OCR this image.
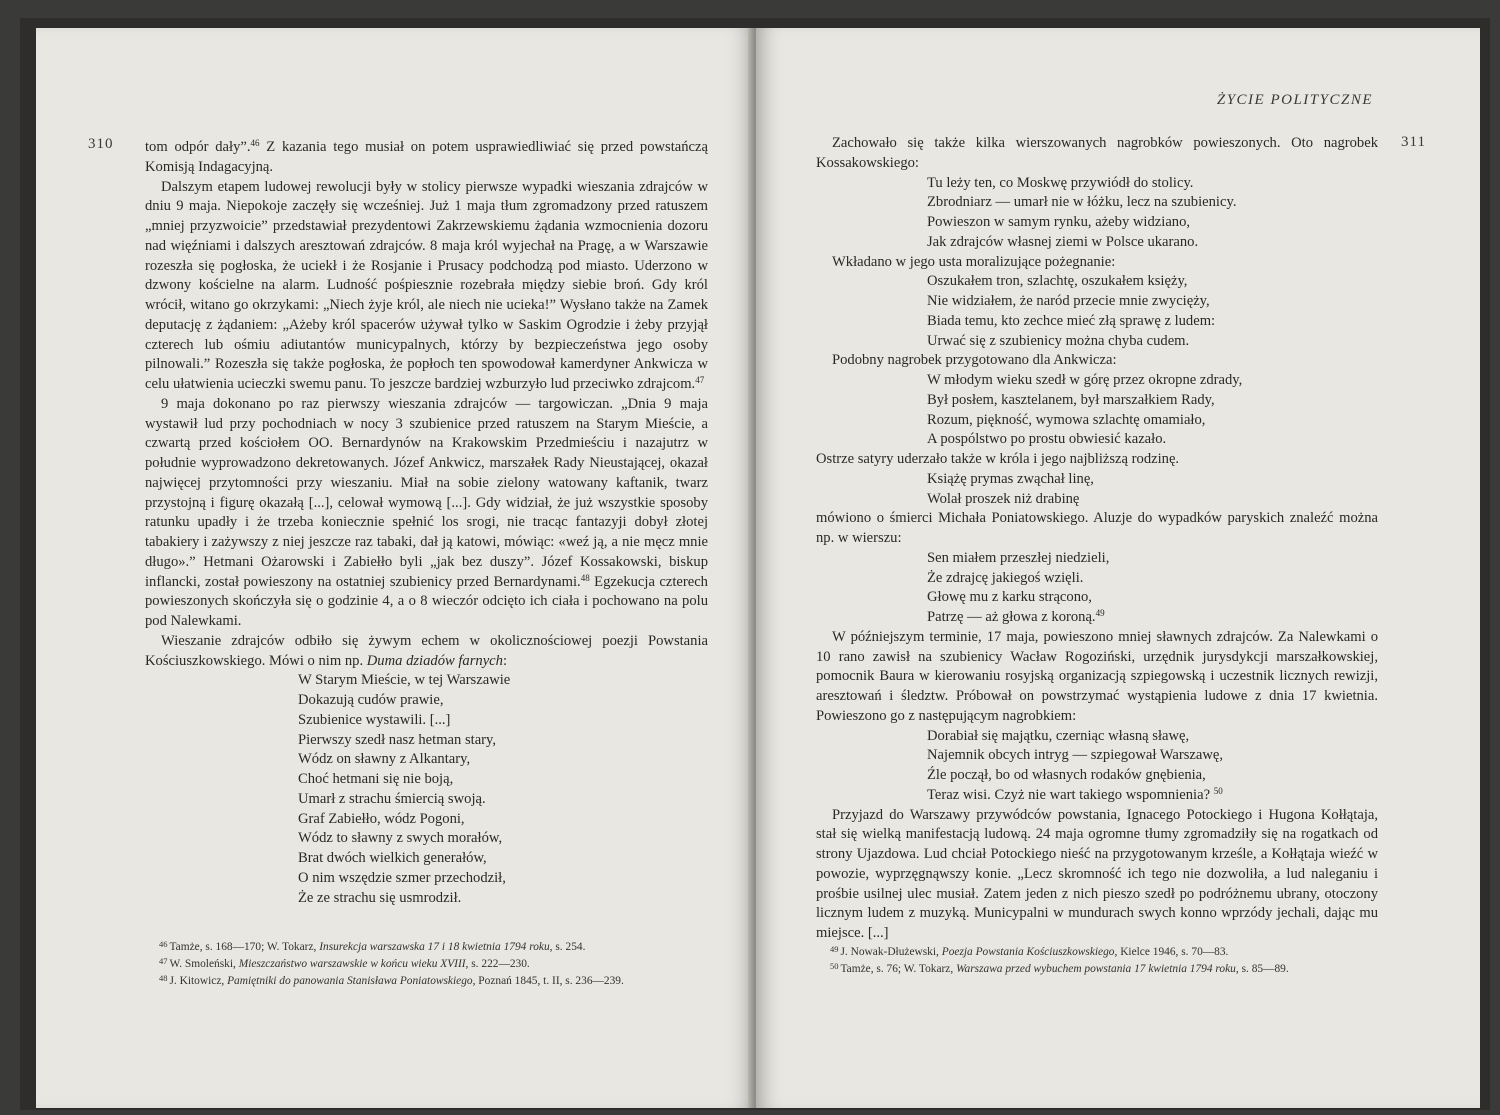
310 tom odpór dały”.$^{46}$ Z kazania tego musiał on potem usprawiedliwiać się przed powstańczą Komisją Indagacyjną.

Dalszym etapem ludowej rewolucji były w stolicy pierwsze wypadki wieszania zdrajców w dniu 9 maja. Niepokoje zaczęły się wcześniej. Już 1 maja tłum zgromadzony przed ratuszem „mniej przyzwoicie” przedstawiał prezydentowi Zakrzewskiemu żądania wzmocnienia dozoru nad więźniami i dalszych aresztowań zdrajców. 8 maja król wyjechał na Pragę, a w Warszawie rozeszła się pogłoska, że uciekł i że Rosjanie i Prusacy podchodzą pod miasto. Uderzono w dzwony kościelne na alarm. Ludność pośpiesznie rozebrała między siebie broń. Gdy król wrócił, witano go okrzykami: „Niech żyje król, ale niech nie ucieka!” Wysłano także na Zamek deputację z żądaniem: „Ażeby król spacerów używał tylko w Saskim Ogrodzie i żeby przyjął czterech lub ośmiu adiutantów municypalnych, którzy by bezpieczeństwa jego osoby pilnowali.” Rozeszła się także pogłoska, że popłoch ten spowodował kamerdyner Ankwicza w celu ułatwienia ucieczki swemu panu. To jeszcze bardziej wzburzyło lud przeciwko zdrajcom.$^{47}$

9 maja dokonano po raz pierwszy wieszania zdrajców — targowiczan. „Dnia 9 maja wystawił lud przy pochodniach w nocy 3 szubienice przed ratuszem na Starym Mieście, a czwartą przed kościołem OO. Bernardynów na Krakowskim Przedmieściu i nazajutrz w południe wyprowadzono dekretowanych. Józef Ankwicz, marszałek Rady Nieustającej, okazał najwięcej przytomności przy wieszaniu. Miał na sobie zielony watowany kaftanik, twarz przystojną i figurę okazałą [...], celował wymową [...]. Gdy widział, że już wszystkie sposoby ratunku upadły i że trzeba koniecznie spełnić los srogi, nie tracąc fantazyji dobył złotej tabakiery i zażywszy z niej jeszcze raz tabaki, dał ją katowi, mówiąc: «weź ją, a nie męcz mnie długo».” Hetmani Ożarowski i Zabiełło byli „jak bez duszy”. Józef Kossakowski, biskup inflancki, został powieszony na ostatniej szubienicy przed Bernardynami.$^{48}$ Egzekucja czterech powieszonych skończyła się o godzinie 4, a o 8 wieczór odcięto ich ciała i pochowano na polu pod Nalewkami.

Wieszanie zdrajców odbiło się żywym echem w okolicznościowej poezji Powstania Kościuszkowskiego. Mówi o nim np. Duma dziadów farnych:

W Starym Mieście, w tej Warszawie
Dokazują cudów prawie,
Szubienice wystawili. [...]
Pierwszy szedł nasz hetman stary,
Wódz on sławny z Alkantary,
Choć hetmani się nie boją,
Umarł z strachu śmiercią swoją.
Graf Zabiełło, wódz Pogoni,
Wódz to sławny z swych morałów,
Brat dwóch wielkich generałów,
O nim wszędzie szmer przechodził,
Że ze strachu się usmrodził.
$^{46}$ Tamże, s. 168—170; W. Tokarz, Insurekcja warszawska 17 i 18 kwietnia 1794 roku, s. 254.
$^{47}$ W. Smoleński, Mieszczaństwo warszawskie w końcu wieku XVIII, s. 222—230.
$^{48}$ J. Kitowicz, Pamiętniki do panowania Stanisława Poniatowskiego, Poznań 1845, t. II, s. 236—239.
ŻYCIE POLITYCZNE
311

Zachowało się także kilka wierszowanych nagrobków powieszonych. Oto nagrobek Kossakowskiego:

Tu leży ten, co Moskwę przywiódł do stolicy.
Zbrodniarz — umarł nie w łóżku, lecz na szubienicy.
Powieszon w samym rynku, ażeby widziano,
Jak zdrajców własnej ziemi w Polsce ukarano.

Wkładano w jego usta moralizujące pożegnanie:

Oszukałem tron, szlachtę, oszukałem księży,
Nie widziałem, że naród przecie mnie zwycięży,
Biada temu, kto zechce mieć złą sprawę z ludem:
Urwać się z szubienicy można chyba cudem.

Podobny nagrobek przygotowano dla Ankwicza:

W młodym wieku szedł w górę przez okropne zdrady,
Był posłem, kasztelanem, był marszałkiem Rady,
Rozum, piękność, wymowa szlachtę omamiało,
A pospólstwo po prostu obwiesić kazało.

Ostrze satyry uderzało także w króla i jego najbliższą rodzinę.

Książę prymas zwąchał linę,
Wolał proszek niż drabinę

mówiono o śmierci Michała Poniatowskiego. Aluzje do wypadków paryskich znaleźć można np. w wierszu:

Sen miałem przeszłej niedzieli,
Że zdrajcę jakiegoś wzięli.
Głowę mu z karku strącono,
Patrzę — aż głowa z koroną.$^{49}$

W późniejszym terminie, 17 maja, powieszono mniej sławnych zdrajców. Za Nalewkami o 10 rano zawisł na szubienicy Wacław Rogoziński, urzędnik jurysdykcji marszałkowskiej, pomocnik Baura w kierowaniu rosyjską organizacją szpiegowską i uczestnik licznych rewizji, aresztowań i śledztw. Próbował on powstrzymać wystąpienia ludowe z dnia 17 kwietnia. Powieszono go z następującym nagrobkiem:

Dorabiał się majątku, czerniąc własną sławę,
Najemnik obcych intryg — szpiegował Warszawę,
Źle począł, bo od własnych rodaków gnębienia,
Teraz wisi. Czyż nie wart takiego wspomnienia? $^{50}$

Przyjazd do Warszawy przywódców powstania, Ignacego Potockiego i Hugona Kołłątaja, stał się wielką manifestacją ludową. 24 maja ogromne tłumy zgromadziły się na rogatkach od strony Ujazdowa. Lud chciał Potockiego nieść na przygotowanym krześle, a Kołłątaja wieźć w powozie, wyprzęgnąwszy konie. „Lecz skromność ich tego nie dozwoliła, a lud naleganiu i prośbie usilnej ulec musiał. Zatem jeden z nich pieszo szedł po podróżnemu ubrany, otoczony licznym ludem z muzyką. Municypalni w mundurach swych konno wprzódy jechali, dając mu miejsce. [...]

$^{49}$ J. Nowak-Dłużewski, Poezja Powstania Kościuszkowskiego, Kielce 1946, s. 70—83.
$^{50}$ Tamże, s. 76; W. Tokarz, Warszawa przed wybuchem powstania 17 kwietnia 1794 roku, s. 85—89.
